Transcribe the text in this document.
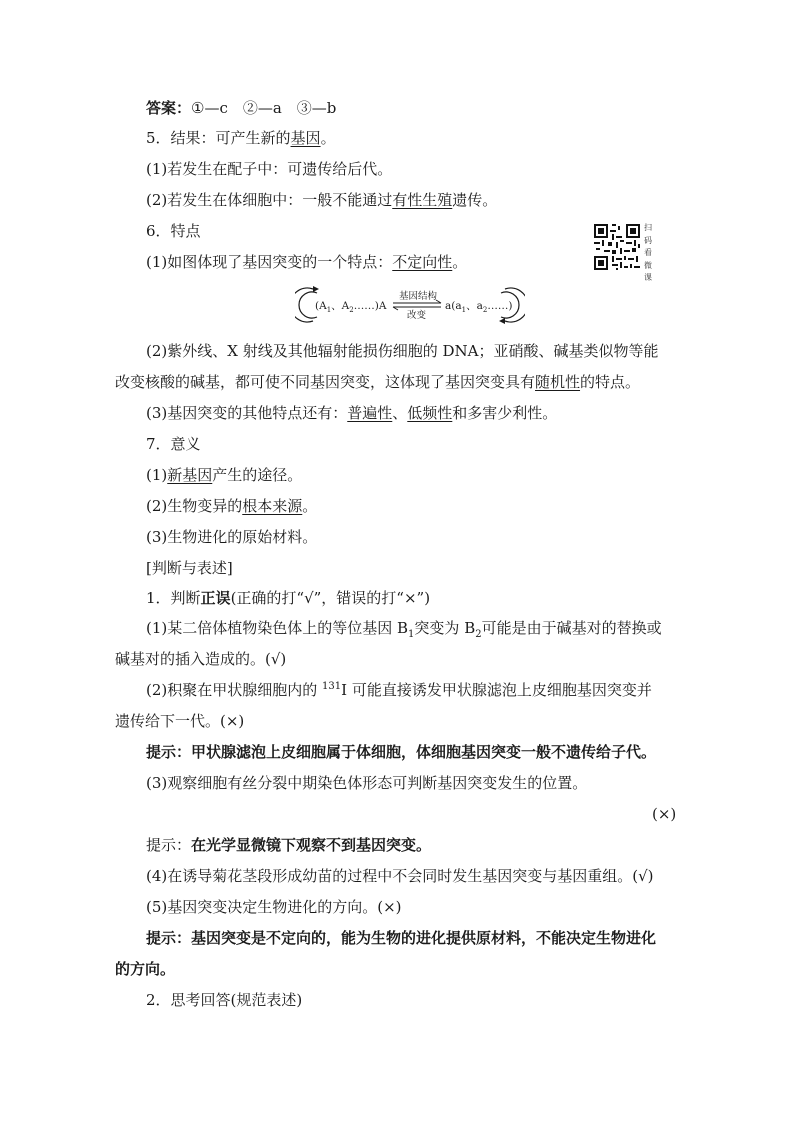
答案：①—c　②—a　③—b
5．结果：可产生新的基因。
(1)若发生在配子中：可遗传给后代。
(2)若发生在体细胞中：一般不能通过有性生殖遗传。
6．特点	扫
码
看
微
课
(1)如图体现了基因突变的一个特点：不定向性。
($A_1$、$A_2\dots\dots)A$
基因结构
改变
$a(a_1$、$a_2\dots\dots$)
(2)紫外线、X 射线及其他辐射能损伤细胞的 DNA；亚硝酸、碱基类似物等能
改变核酸的碱基，都可使不同基因突变，这体现了基因突变具有随机性的特点。
(3)基因突变的其他特点还有：普遍性、低频性和多害少利性。
7．意义
(1)新基因产生的途径。
(2)生物变异的根本来源。
(3)生物进化的原始材料。
[判断与表述]
1．判断正误(正确的打“√”，错误的打“×”)
(1)某二倍体植物染色体上的等位基因 $B_1$突变为 $B_2$可能是由于碱基对的替换或
碱基对的插入造成的。(√)
(2)积聚在甲状腺细胞内的 $^{131}$I 可能直接诱发甲状腺滤泡上皮细胞基因突变并
遗传给下一代。(×)
提示：甲状腺滤泡上皮细胞属于体细胞，体细胞基因突变一般不遗传给子代。
(3)观察细胞有丝分裂中期染色体形态可判断基因突变发生的位置。
(×)
提示：在光学显微镜下观察不到基因突变。
(4)在诱导菊花茎段形成幼苗的过程中不会同时发生基因突变与基因重组。(√)
(5)基因突变决定生物进化的方向。(×)
提示：基因突变是不定向的，能为生物的进化提供原材料，不能决定生物进化
的方向。
2．思考回答(规范表述)
